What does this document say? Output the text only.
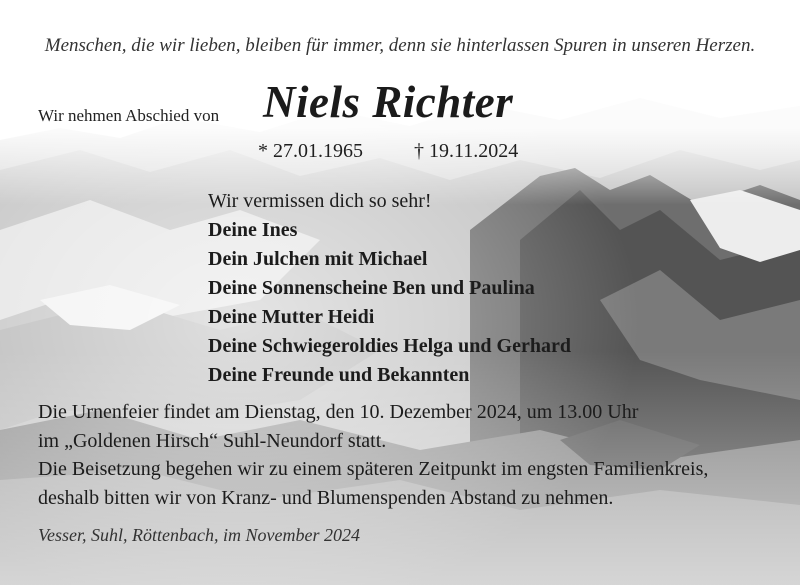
Menschen, die wir lieben, bleiben für immer, denn sie hinterlassen Spuren in unseren Herzen.
Wir nehmen Abschied von Niels Richter
* 27.01.1965	† 19.11.2024
Wir vermissen dich so sehr!
Deine Ines
Dein Julchen mit Michael
Deine Sonnenscheine Ben und Paulina
Deine Mutter Heidi
Deine Schwiegeroldies Helga und Gerhard
Deine Freunde und Bekannten
Die Urnenfeier findet am Dienstag, den 10. Dezember 2024, um 13.00 Uhr
im „Goldenen Hirsch“ Suhl-Neundorf statt.
Die Beisetzung begehen wir zu einem späteren Zeitpunkt im engsten Familienkreis,
deshalb bitten wir von Kranz- und Blumenspenden Abstand zu nehmen.
Vesser, Suhl, Röttenbach, im November 2024
